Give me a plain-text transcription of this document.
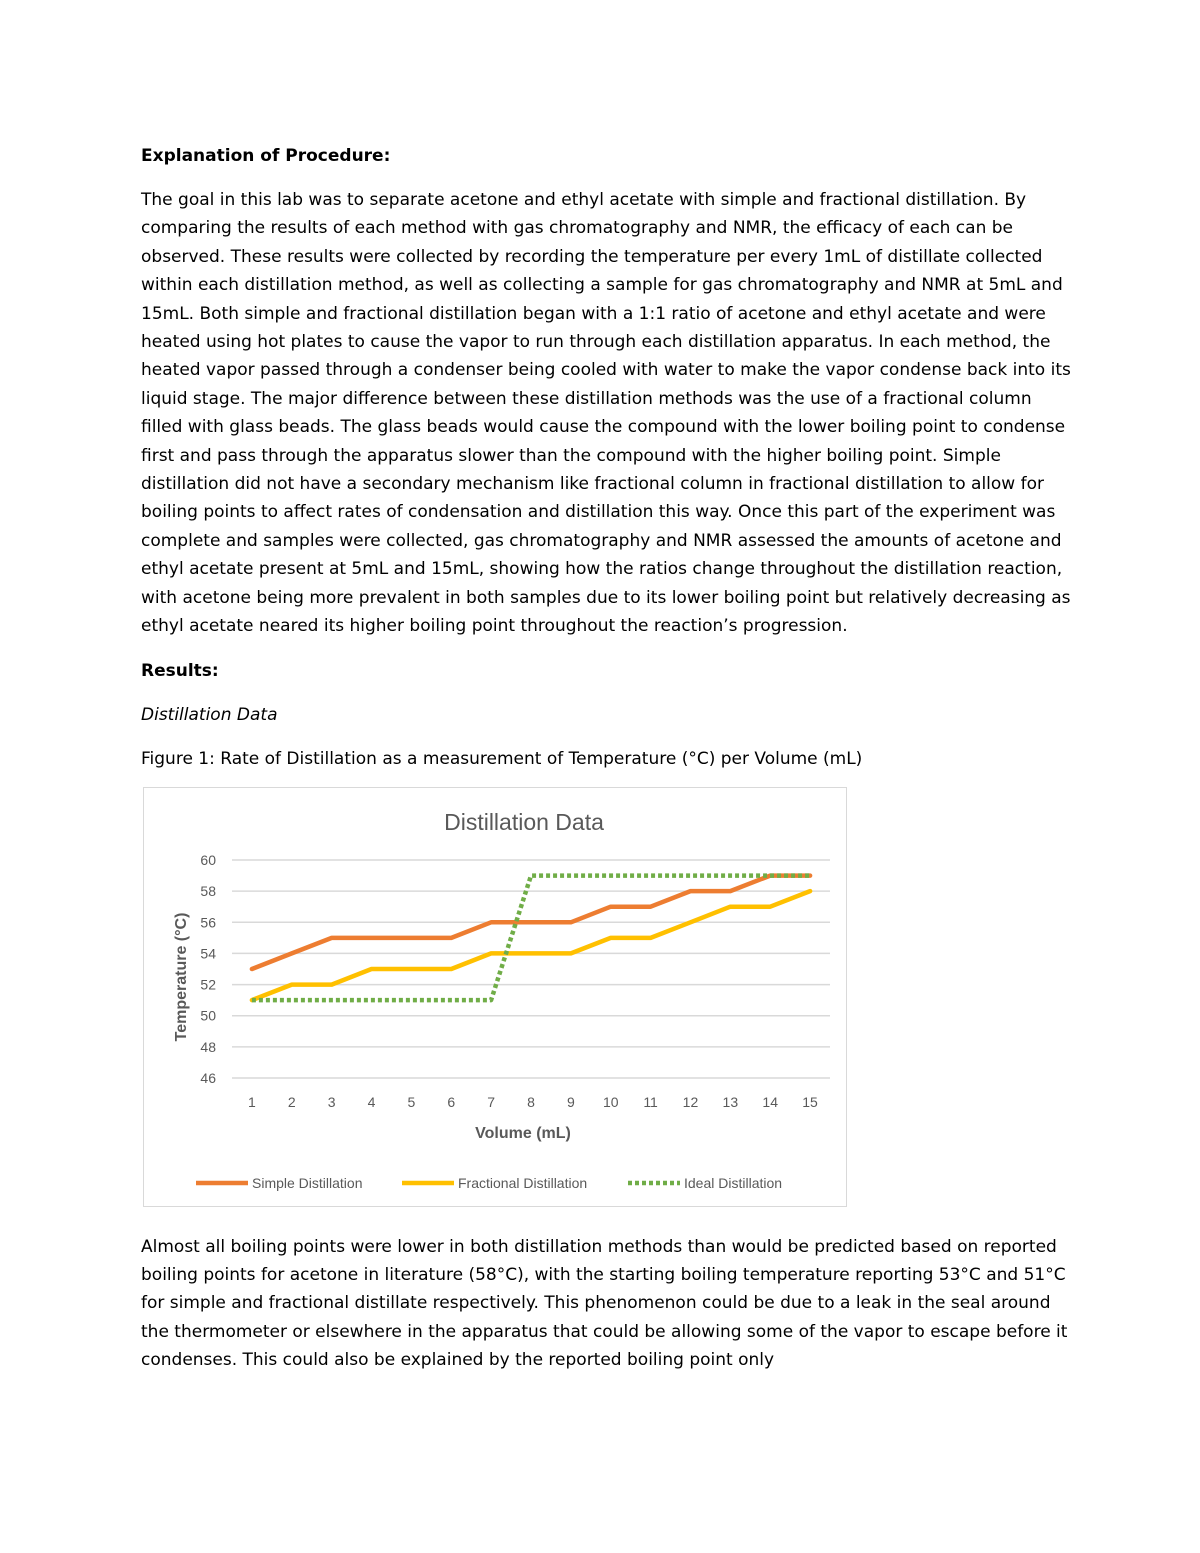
Explanation of Procedure:

The goal in this lab was to separate acetone and ethyl acetate with simple and fractional distillation. By comparing the results of each method with gas chromatography and NMR, the efficacy of each can be observed. These results were collected by recording the temperature per every 1mL of distillate collected within each distillation method, as well as collecting a sample for gas chromatography and NMR at 5mL and 15mL. Both simple and fractional distillation began with a 1:1 ratio of acetone and ethyl acetate and were heated using hot plates to cause the vapor to run through each distillation apparatus. In each method, the heated vapor passed through a condenser being cooled with water to make the vapor condense back into its liquid stage. The major difference between these distillation methods was the use of a fractional column filled with glass beads. The glass beads would cause the compound with the lower boiling point to condense first and pass through the apparatus slower than the compound with the higher boiling point. Simple distillation did not have a secondary mechanism like fractional column in fractional distillation to allow for boiling points to affect rates of condensation and distillation this way. Once this part of the experiment was complete and samples were collected, gas chromatography and NMR assessed the amounts of acetone and ethyl acetate present at 5mL and 15mL, showing how the ratios change throughout the distillation reaction, with acetone being more prevalent in both samples due to its lower boiling point but relatively decreasing as ethyl acetate neared its higher boiling point throughout the reaction’s progression.

Results:
Distillation Data
Figure 1: Rate of Distillation as a measurement of Temperature (°C) per Volume (mL)
Distillation Data
46
48
50
52
54
56
58
60
1 2 3 4 5 6 7 8 9 10 11 12 13 14 15
Volume (mL)
Temperature (°C)
Simple Distillation	Fractional Distillation	Ideal Distillation

Almost all boiling points were lower in both distillation methods than would be predicted based on reported boiling points for acetone in literature (58°C), with the starting boiling temperature reporting 53°C and 51°C for simple and fractional distillate respectively. This phenomenon could be due to a leak in the seal around the thermometer or elsewhere in the apparatus that could be allowing some of the vapor to escape before it condenses. This could also be explained by the reported boiling point only
